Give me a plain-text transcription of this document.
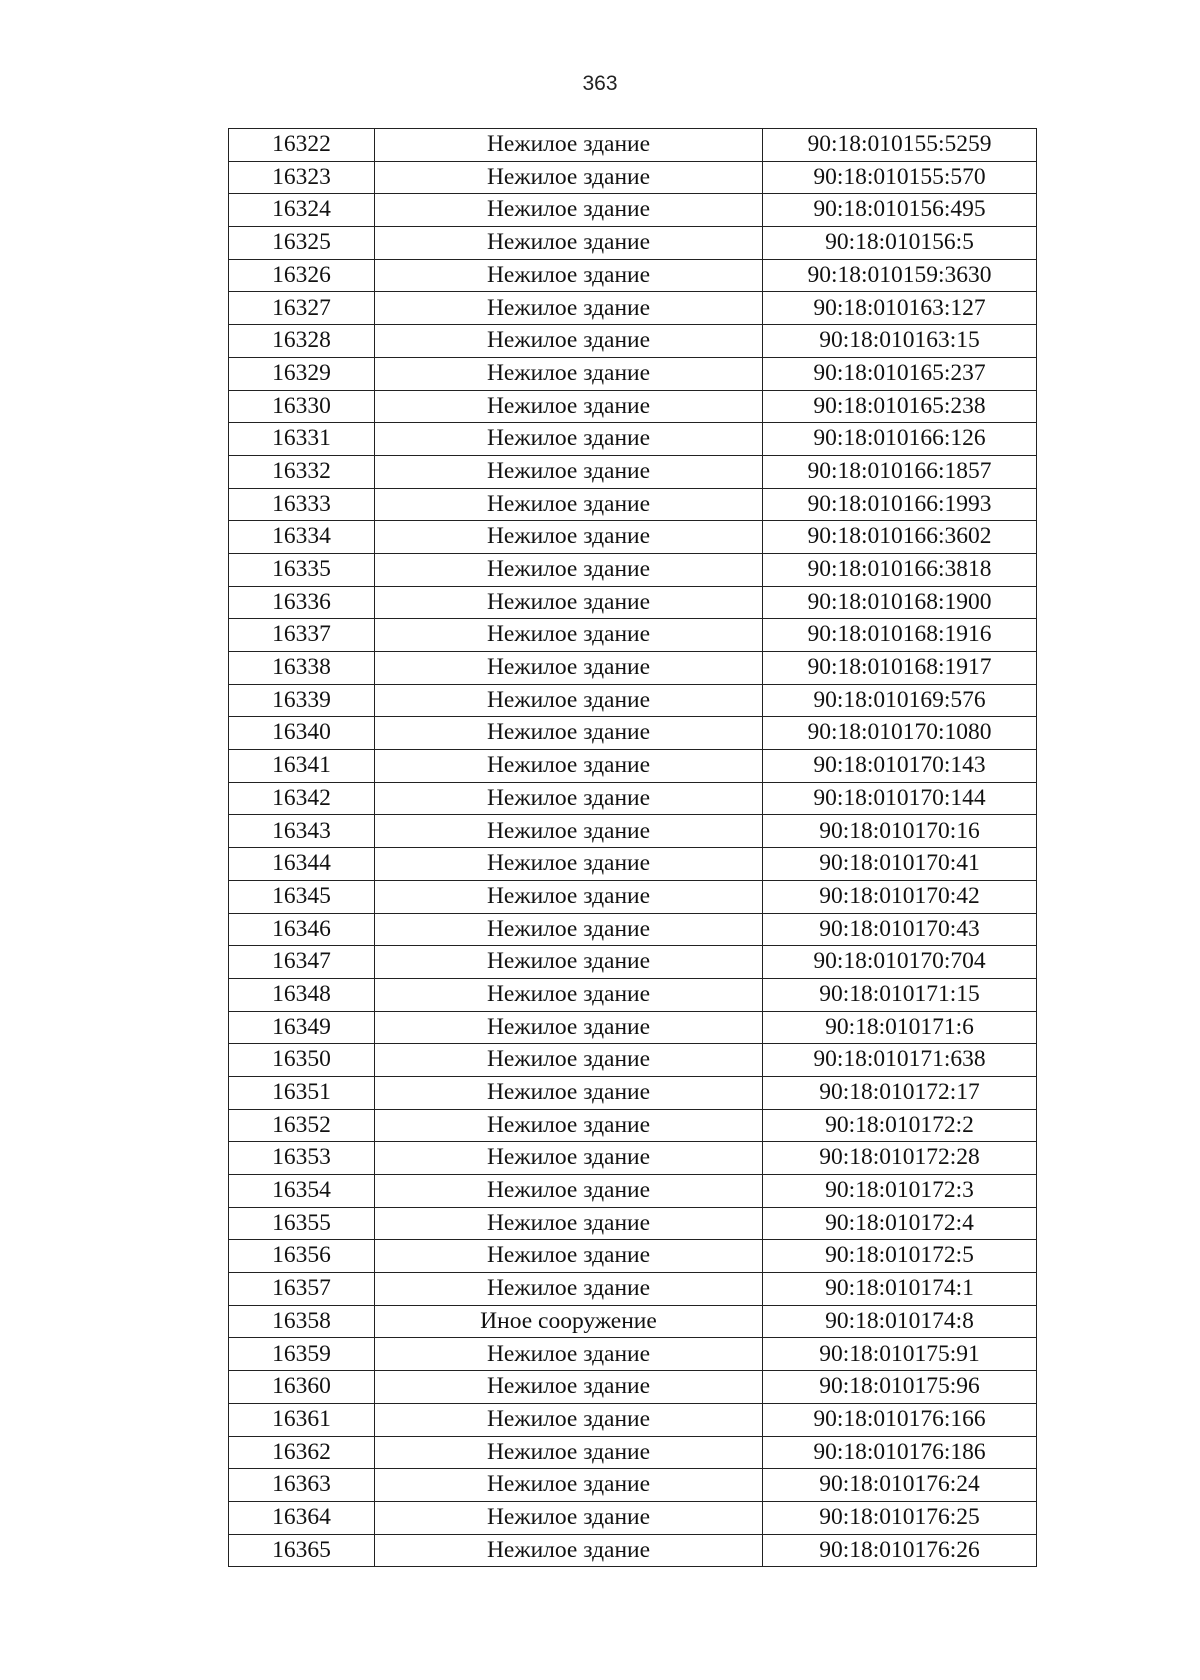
363
16322	Нежилое здание	90:18:010155:5259
16323	Нежилое здание	90:18:010155:570
16324	Нежилое здание	90:18:010156:495
16325	Нежилое здание	90:18:010156:5
16326	Нежилое здание	90:18:010159:3630
16327	Нежилое здание	90:18:010163:127
16328	Нежилое здание	90:18:010163:15
16329	Нежилое здание	90:18:010165:237
16330	Нежилое здание	90:18:010165:238
16331	Нежилое здание	90:18:010166:126
16332	Нежилое здание	90:18:010166:1857
16333	Нежилое здание	90:18:010166:1993
16334	Нежилое здание	90:18:010166:3602
16335	Нежилое здание	90:18:010166:3818
16336	Нежилое здание	90:18:010168:1900
16337	Нежилое здание	90:18:010168:1916
16338	Нежилое здание	90:18:010168:1917
16339	Нежилое здание	90:18:010169:576
16340	Нежилое здание	90:18:010170:1080
16341	Нежилое здание	90:18:010170:143
16342	Нежилое здание	90:18:010170:144
16343	Нежилое здание	90:18:010170:16
16344	Нежилое здание	90:18:010170:41
16345	Нежилое здание	90:18:010170:42
16346	Нежилое здание	90:18:010170:43
16347	Нежилое здание	90:18:010170:704
16348	Нежилое здание	90:18:010171:15
16349	Нежилое здание	90:18:010171:6
16350	Нежилое здание	90:18:010171:638
16351	Нежилое здание	90:18:010172:17
16352	Нежилое здание	90:18:010172:2
16353	Нежилое здание	90:18:010172:28
16354	Нежилое здание	90:18:010172:3
16355	Нежилое здание	90:18:010172:4
16356	Нежилое здание	90:18:010172:5
16357	Нежилое здание	90:18:010174:1
16358	Иное сооружение	90:18:010174:8
16359	Нежилое здание	90:18:010175:91
16360	Нежилое здание	90:18:010175:96
16361	Нежилое здание	90:18:010176:166
16362	Нежилое здание	90:18:010176:186
16363	Нежилое здание	90:18:010176:24
16364	Нежилое здание	90:18:010176:25
16365	Нежилое здание	90:18:010176:26
